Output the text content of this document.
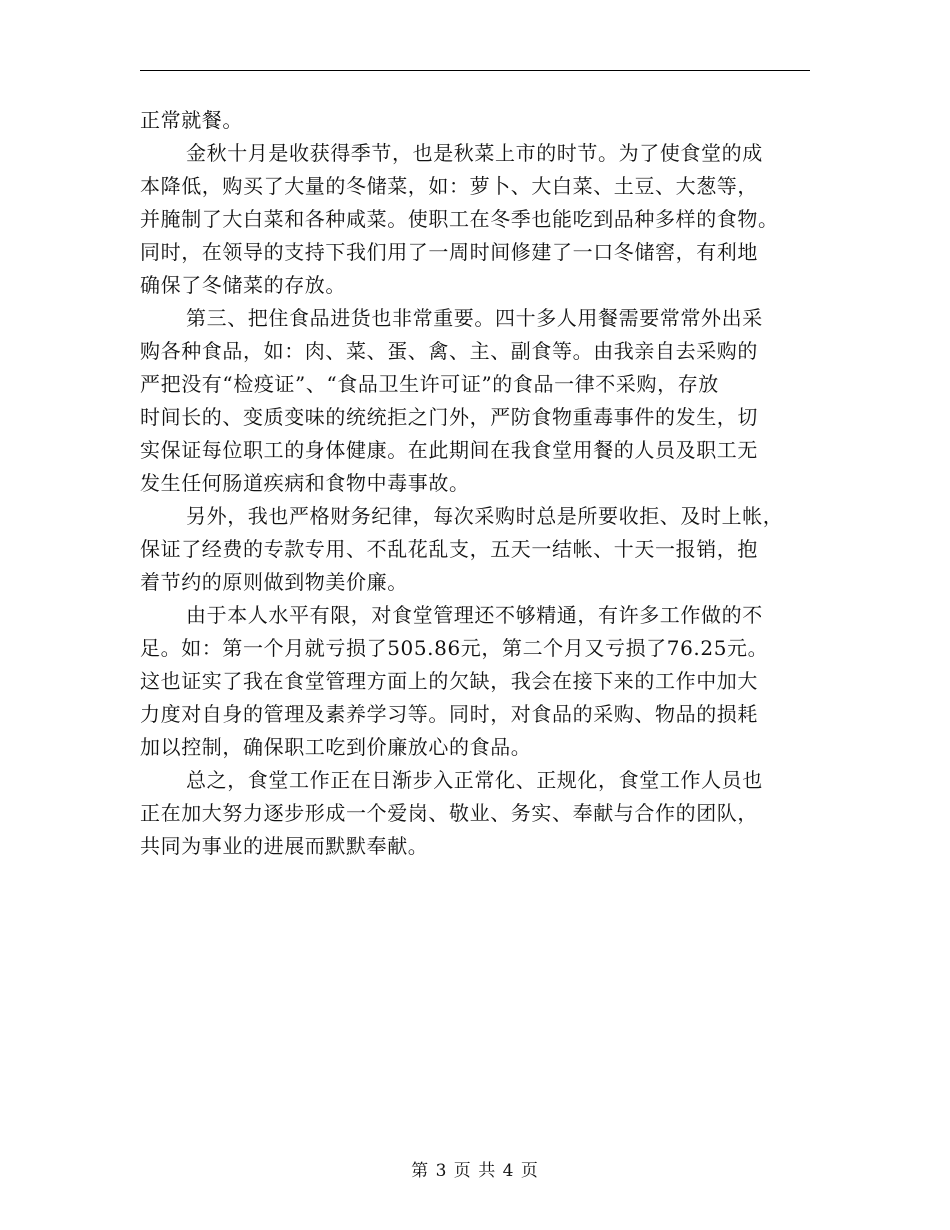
正常就餐。
金秋十月是收获得季节，也是秋菜上市的时节。为了使食堂的成
本降低，购买了大量的冬储菜，如：萝卜、大白菜、土豆、大葱等，
并腌制了大白菜和各种咸菜。使职工在冬季也能吃到品种多样的食物。
同时，在领导的支持下我们用了一周时间修建了一口冬储窖，有利地
确保了冬储菜的存放。
第三、把住食品进货也非常重要。四十多人用餐需要常常外出采
购各种食品，如：肉、菜、蛋、禽、主、副食等。由我亲自去采购的
严把没有“检疫证”、“食品卫生许可证”的食品一律不采购，存放
时间长的、变质变味的统统拒之门外，严防食物重毒事件的发生，切
实保证每位职工的身体健康。在此期间在我食堂用餐的人员及职工无
发生任何肠道疾病和食物中毒事故。
另外，我也严格财务纪律，每次采购时总是所要收拒、及时上帐，
保证了经费的专款专用、不乱花乱支，五天一结帐、十天一报销，抱
着节约的原则做到物美价廉。
由于本人水平有限，对食堂管理还不够精通，有许多工作做的不
足。如：第一个月就亏损了505.86元，第二个月又亏损了76.25元。
这也证实了我在食堂管理方面上的欠缺，我会在接下来的工作中加大
力度对自身的管理及素养学习等。同时，对食品的采购、物品的损耗
加以控制，确保职工吃到价廉放心的食品。
总之，食堂工作正在日渐步入正常化、正规化，食堂工作人员也
正在加大努力逐步形成一个爱岗、敬业、务实、奉献与合作的团队，
共同为事业的进展而默默奉献。
第 3 页 共 4 页
